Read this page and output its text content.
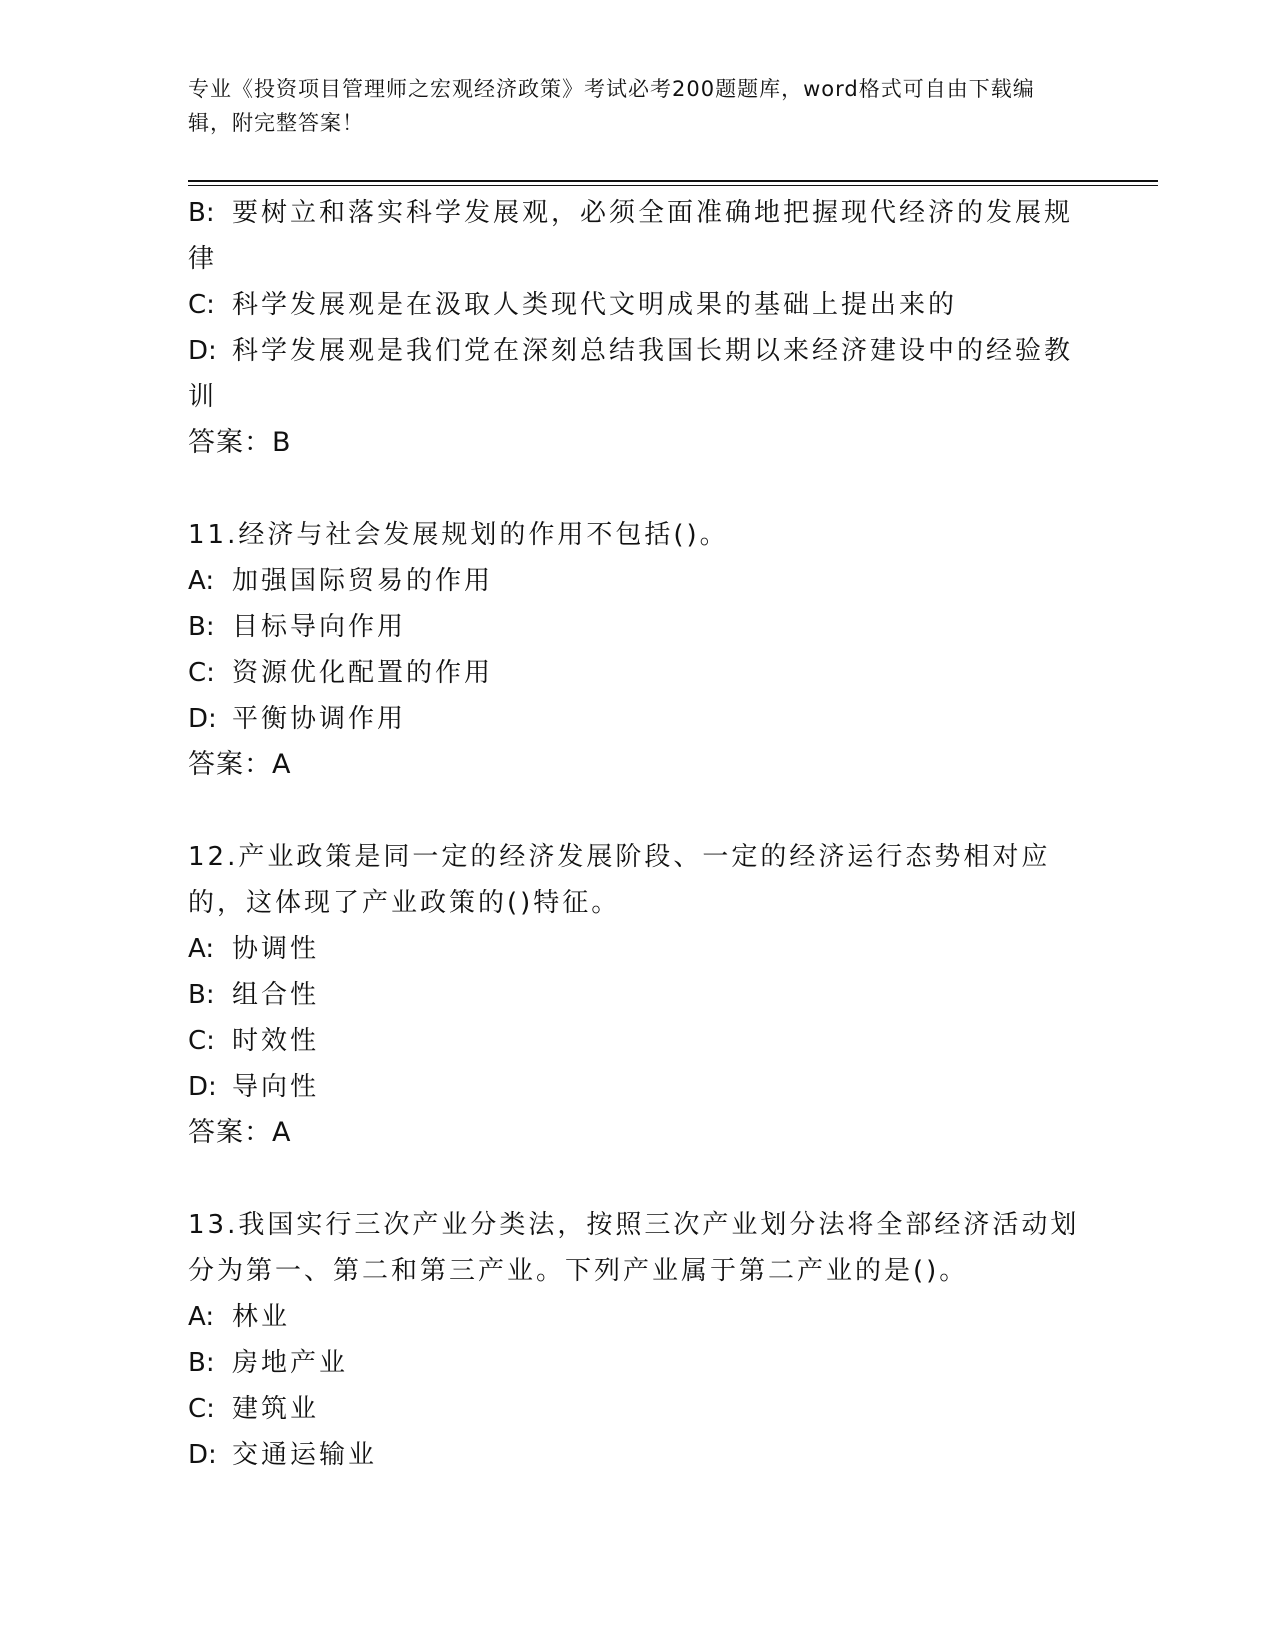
专业《投资项目管理师之宏观经济政策》考试必考200题题库，word格式可自由下载编辑，附完整答案！

B: 要树立和落实科学发展观，必须全面准确地把握现代经济的发展规律

C: 科学发展观是在汲取人类现代文明成果的基础上提出来的

D: 科学发展观是我们党在深刻总结我国长期以来经济建设中的经验教训

答案：B

11.经济与社会发展规划的作用不包括()。

A: 加强国际贸易的作用

B: 目标导向作用

C: 资源优化配置的作用

D: 平衡协调作用

答案：A

12.产业政策是同一定的经济发展阶段、一定的经济运行态势相对应的，这体现了产业政策的()特征。

A: 协调性

B: 组合性

C: 时效性

D: 导向性

答案：A

13.我国实行三次产业分类法，按照三次产业划分法将全部经济活动划分为第一、第二和第三产业。下列产业属于第二产业的是()。

A: 林业

B: 房地产业

C: 建筑业

D: 交通运输业
